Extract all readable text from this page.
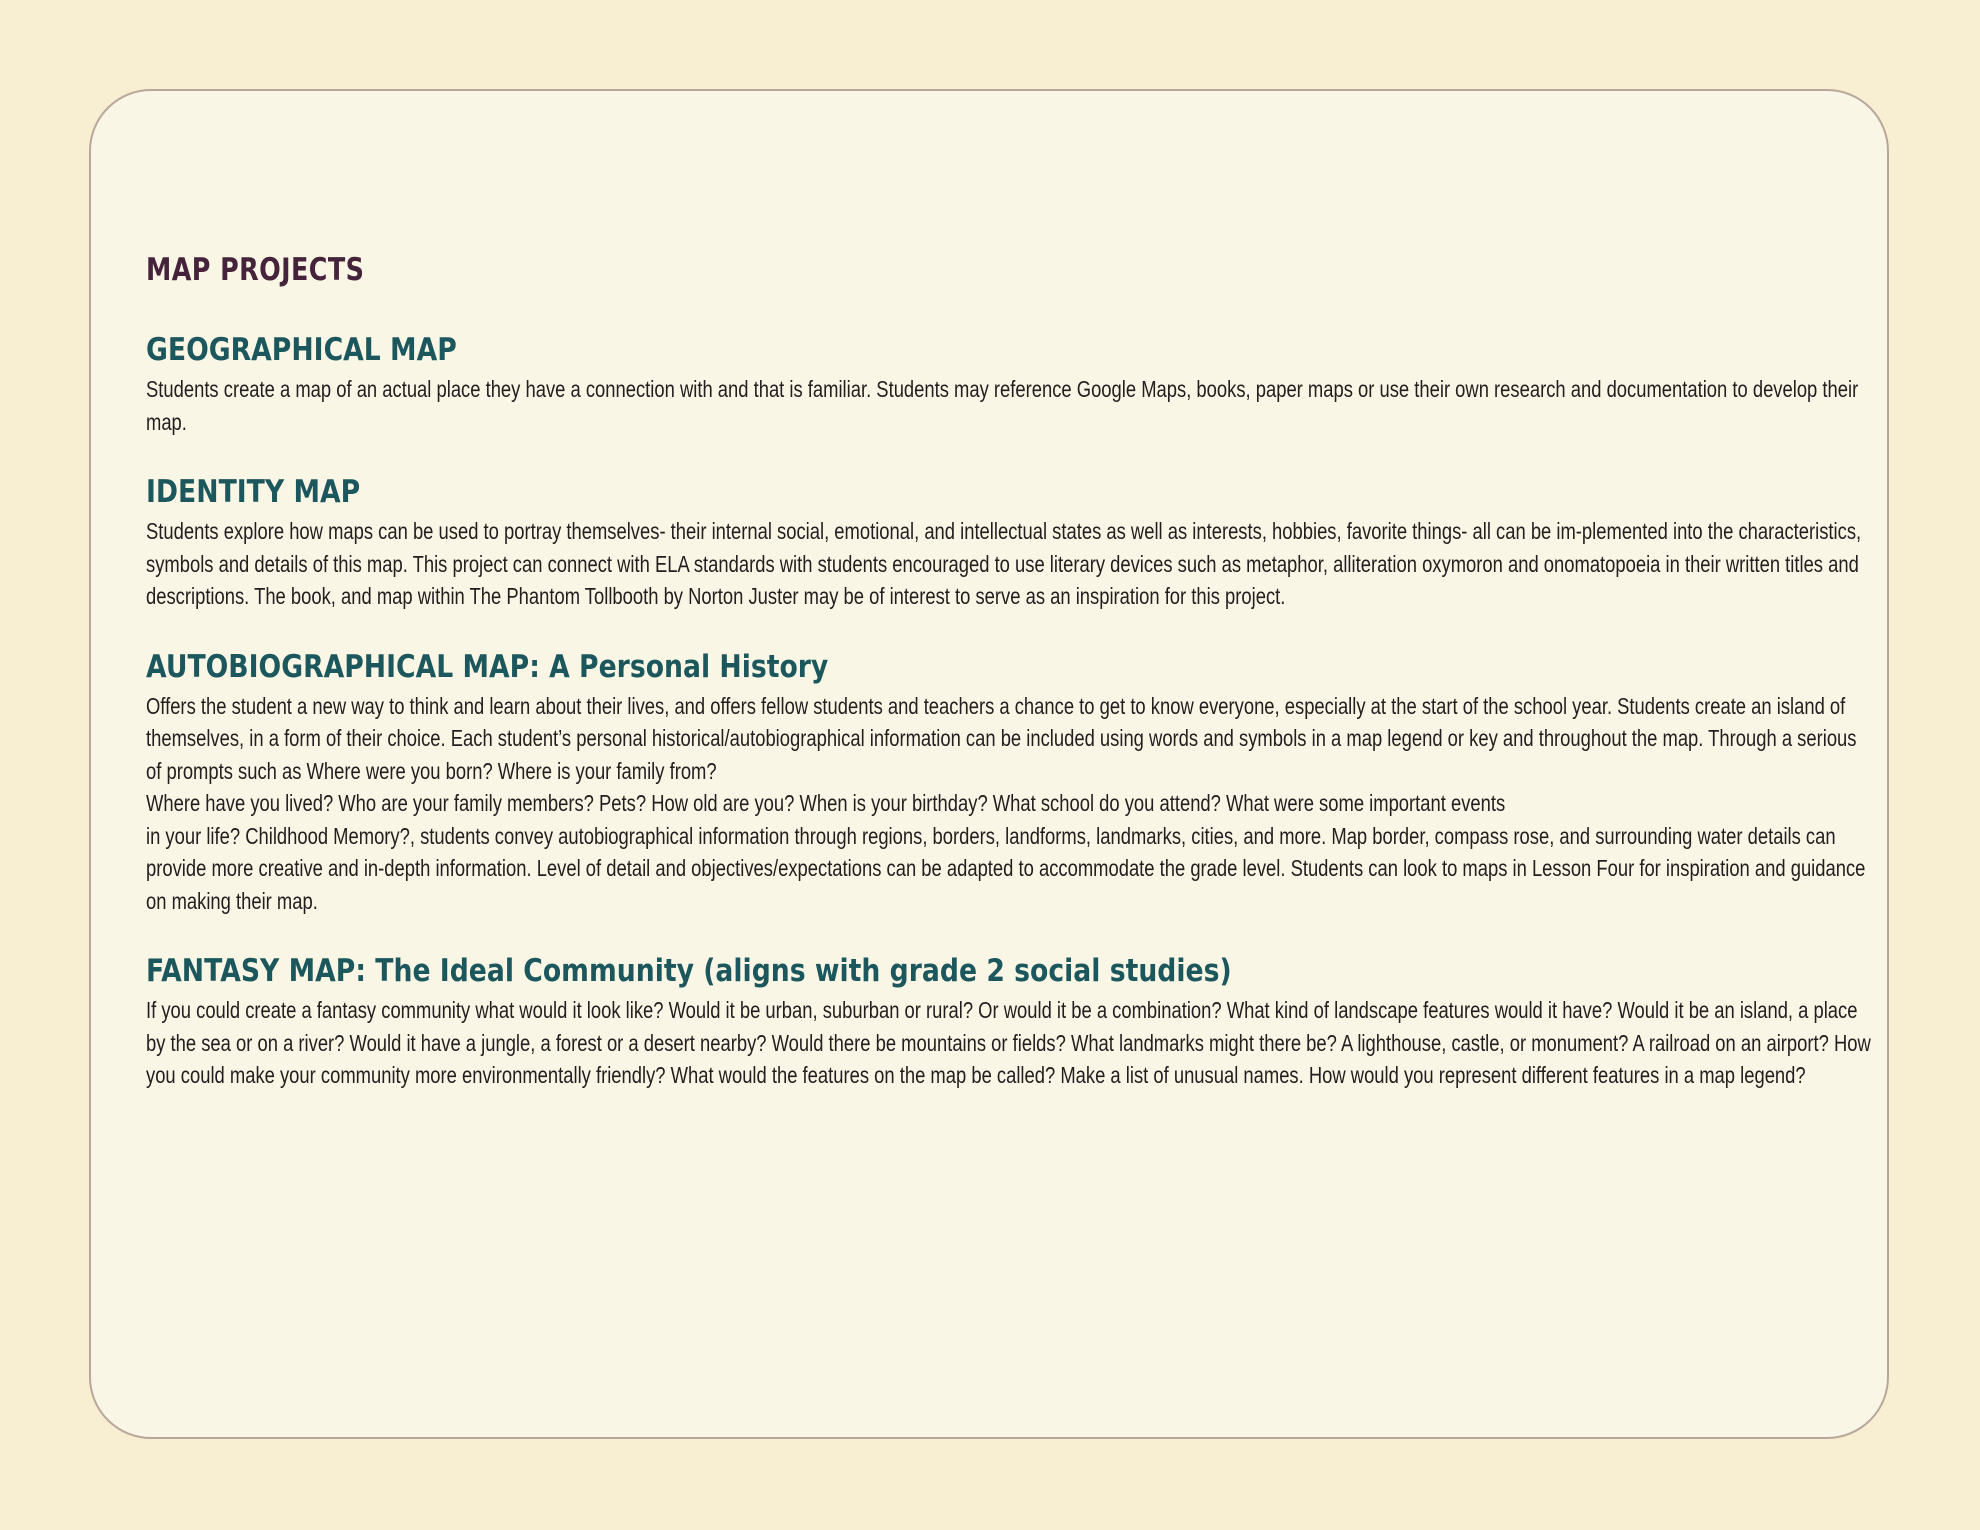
MAP PROJECTS
GEOGRAPHICAL MAP

Students create a map of an actual place they have a connection with and that is familiar. Students may reference Google Maps, books, paper maps or use their own research and documentation to develop their map.

IDENTITY MAP

Students explore how maps can be used to portray themselves- their internal social, emotional, and intellectual states as well as interests, hobbies, favorite things- all can be im-plemented into the characteristics, symbols and details of this map. This project can connect with ELA standards with students encouraged to use literary devices such as metaphor, alliteration oxymoron and onomatopoeia in their written titles and descriptions. The book, and map within The Phantom Tollbooth by Norton Juster may be of interest to serve as an inspiration for this project.

AUTOBIOGRAPHICAL MAP: A Personal History

Offers the student a new way to think and learn about their lives, and offers fellow students and teachers a chance to get to know everyone, especially at the start of the school year. Students create an island of themselves, in a form of their choice. Each student’s personal historical/autobiographical information can be included using words and symbols in a map legend or key and throughout the map. Through a serious of prompts such as Where were you born? Where is your family from?
Where have you lived? Who are your family members? Pets? How old are you? When is your birthday? What school do you attend? What were some important events
in your life? Childhood Memory?, students convey autobiographical information through regions, borders, landforms, landmarks, cities, and more. Map border, compass rose, and surrounding water details can provide more creative and in-depth information. Level of detail and objectives/expectations can be adapted to accommodate the grade level. Students can look to maps in Lesson Four for inspiration and guidance on making their map.

FANTASY MAP: The Ideal Community (aligns with grade 2 social studies)

If you could create a fantasy community what would it look like? Would it be urban, suburban or rural? Or would it be a combination? What kind of landscape features would it have? Would it be an island, a place by the sea or on a river? Would it have a jungle, a forest or a desert nearby? Would there be mountains or fields? What landmarks might there be? A lighthouse, castle, or monument? A railroad on an airport? How you could make your community more environmentally friendly? What would the features on the map be called? Make a list of unusual names. How would you represent different features in a map legend?
